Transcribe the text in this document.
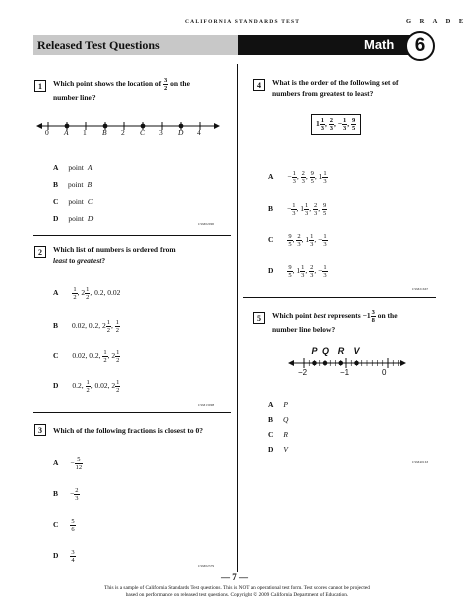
CALIFORNIA STANDARDS TEST	G R A D E
Released Test Questions	Math	6
1	Which point shows the location of $\frac{3}{2}$ on the
number line?
0 A 1 B 2 C 3 D 4
A point A
B point B
C point C
D point D
CSM02090
2	Which list of numbers is ordered from
least to greatest?
A $\frac{1}{2}$ , $2 \frac{1}{2}$ , 0.2, 0.02
B 0.02, 0.2, $2 \frac{1}{2}$ , $\frac{1}{2}$
C 0.02, 0.2, $\frac{1}{2}$ , $2 \frac{1}{2}$
D 0.2, $\frac{1}{2}$ , 0.02, $2 \frac{1}{2}$
CSM13098
3	Which of the following fractions is closest to 0?
$A - \frac{5}{12}$
$B - \frac{2}{3}$
C $\frac{5}{6}$
D $\frac{3}{4}$
CSM02379
4	What is the order of the following set of
numbers from greatest to least?
$1 \frac{1}{3}$ , $\frac{2}{3}$ , − $\frac{1}{3}$ , $\frac{9}{5}$
$A - \frac{1}{3}$ , $\frac{2}{3}$ , $\frac{9}{5}$ , $1 \frac{1}{3}$
$B - \frac{1}{3}$ , $1 \frac{1}{3}$ , $\frac{2}{3}$ , $\frac{9}{5}$
C $\frac{9}{5}$ , $\frac{2}{3}$ , $1 \frac{1}{3}$ , − $\frac{1}{3}$
D $\frac{9}{5}$ , $1 \frac{1}{3}$ , $\frac{2}{3}$ , − $\frac{1}{3}$
CSM21667
5	Which point best represents $-1 \frac{3}{8}$ on the
number line below?
P Q R V
−2	−1	0
A P
B Q
C R
D V
CSM40163
— 7 —
This is a sample of California Standards Test questions. This is NOT an operational test form. Test scores cannot be projected
based on performance on released test questions. Copyright © 2009 California Department of Education.
